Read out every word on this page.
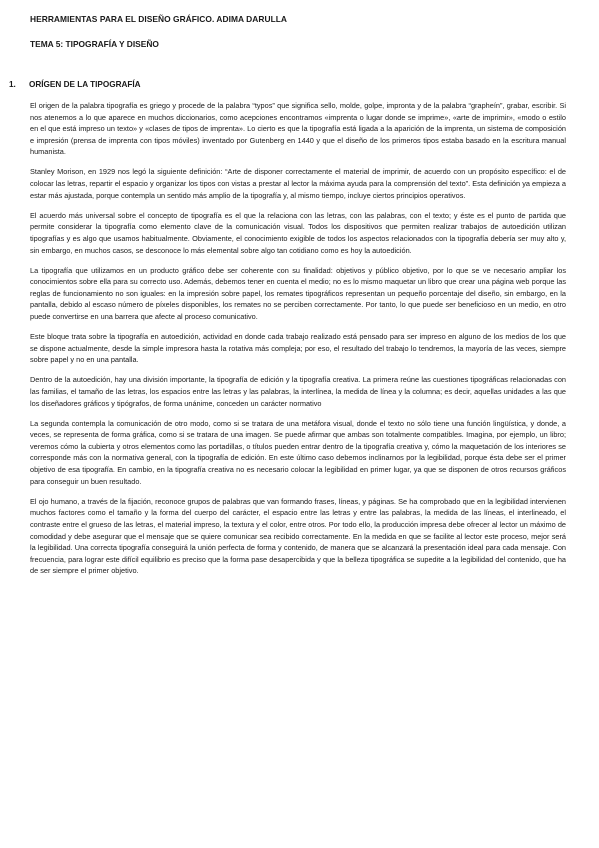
HERRAMIENTAS PARA EL DISEÑO GRÁFICO. ADIMA DARULLA
TEMA 5: TIPOGRAFÍA Y DISEÑO
1. ORÍGEN DE LA TIPOGRAFÍA

El origen de la palabra tipografía es griego y procede de la palabra “typos” que significa sello, molde, golpe, impronta y de la palabra “grapheín”, grabar, escribir. Si nos atenemos a lo que aparece en muchos diccionarios, como acepciones encontramos «imprenta o lugar donde se imprime», «arte de imprimir», «modo o estilo en el que está impreso un texto» y «clases de tipos de imprenta». Lo cierto es que la tipografía está ligada a la aparición de la imprenta, un sistema de composición e impresión (prensa de imprenta con tipos móviles) inventado por Gutenberg en 1440 y que el diseño de los primeros tipos estaba basado en la escritura manual humanista.

Stanley Morison, en 1929 nos legó la siguiente definición: “Arte de disponer correctamente el material de imprimir, de acuerdo con un propósito específico: el de colocar las letras, repartir el espacio y organizar los tipos con vistas a prestar al lector la máxima ayuda para la comprensión del texto”. Esta definición ya empieza a estar más ajustada, porque contempla un sentido más amplio de la tipografía y, al mismo tiempo, incluye ciertos principios operativos.

El acuerdo más universal sobre el concepto de tipografía es el que la relaciona con las letras, con las palabras, con el texto; y éste es el punto de partida que permite considerar la tipografía como elemento clave de la comunicación visual. Todos los dispositivos que permiten realizar trabajos de autoedición utilizan tipografías y es algo que usamos habitualmente. Obviamente, el conocimiento exigible de todos los aspectos relacionados con la tipografía debería ser muy alto y, sin embargo, en muchos casos, se desconoce lo más elemental sobre algo tan cotidiano como es hoy la autoedición.

La tipografía que utilizamos en un producto gráfico debe ser coherente con su finalidad: objetivos y público objetivo, por lo que se ve necesario ampliar los conocimientos sobre ella para su correcto uso. Además, debemos tener en cuenta el medio; no es lo mismo maquetar un libro que crear una página web porque las reglas de funcionamiento no son iguales: en la impresión sobre papel, los remates tipográficos representan un pequeño porcentaje del diseño, sin embargo, en la pantalla, debido al escaso número de píxeles disponibles, los remates no se perciben correctamente. Por tanto, lo que puede ser beneficioso en un medio, en otro puede convertirse en una barrera que afecte al proceso comunicativo.

Este bloque trata sobre la tipografía en autoedición, actividad en donde cada trabajo realizado está pensado para ser impreso en alguno de los medios de los que se dispone actualmente, desde la simple impresora hasta la rotativa más compleja; por eso, el resultado del trabajo lo tendremos, la mayoría de las veces, siempre sobre papel y no en una pantalla.

Dentro de la autoedición, hay una división importante, la tipografía de edición y la tipografía creativa. La primera reúne las cuestiones tipográficas relacionadas con las familias, el tamaño de las letras, los espacios entre las letras y las palabras, la interlínea, la medida de línea y la columna; es decir, aquellas unidades a las que los diseñadores gráficos y tipógrafos, de forma unánime, conceden un carácter normativo

La segunda contempla la comunicación de otro modo, como si se tratara de una metáfora visual, donde el texto no sólo tiene una función lingüística, y donde, a veces, se representa de forma gráfica, como si se tratara de una imagen. Se puede afirmar que ambas son totalmente compatibles. Imagina, por ejemplo, un libro; veremos cómo la cubierta y otros elementos como las portadillas, o títulos pueden entrar dentro de la tipografía creativa y, cómo la maquetación de los interiores se corresponde más con la normativa general, con la tipografía de edición. En este último caso debemos inclinarnos por la legibilidad, porque ésta debe ser el primer objetivo de esa tipografía. En cambio, en la tipografía creativa no es necesario colocar la legibilidad en primer lugar, ya que se disponen de otros recursos gráficos para conseguir un buen resultado.

El ojo humano, a través de la fijación, reconoce grupos de palabras que van formando frases, líneas, y páginas. Se ha comprobado que en la legibilidad intervienen muchos factores como el tamaño y la forma del cuerpo del carácter, el espacio entre las letras y entre las palabras, la medida de las líneas, el interlineado, el contraste entre el grueso de las letras, el material impreso, la textura y el color, entre otros. Por todo ello, la producción impresa debe ofrecer al lector un máximo de comodidad y debe asegurar que el mensaje que se quiere comunicar sea recibido correctamente. En la medida en que se facilite al lector este proceso, mejor será la legibilidad. Una correcta tipografía conseguirá la unión perfecta de forma y contenido, de manera que se alcanzará la presentación ideal para cada mensaje. Con frecuencia, para lograr este difícil equilibrio es preciso que la forma pase desapercibida y que la belleza tipográfica se supedite a la legibilidad del contenido, que ha de ser siempre el primer objetivo.
